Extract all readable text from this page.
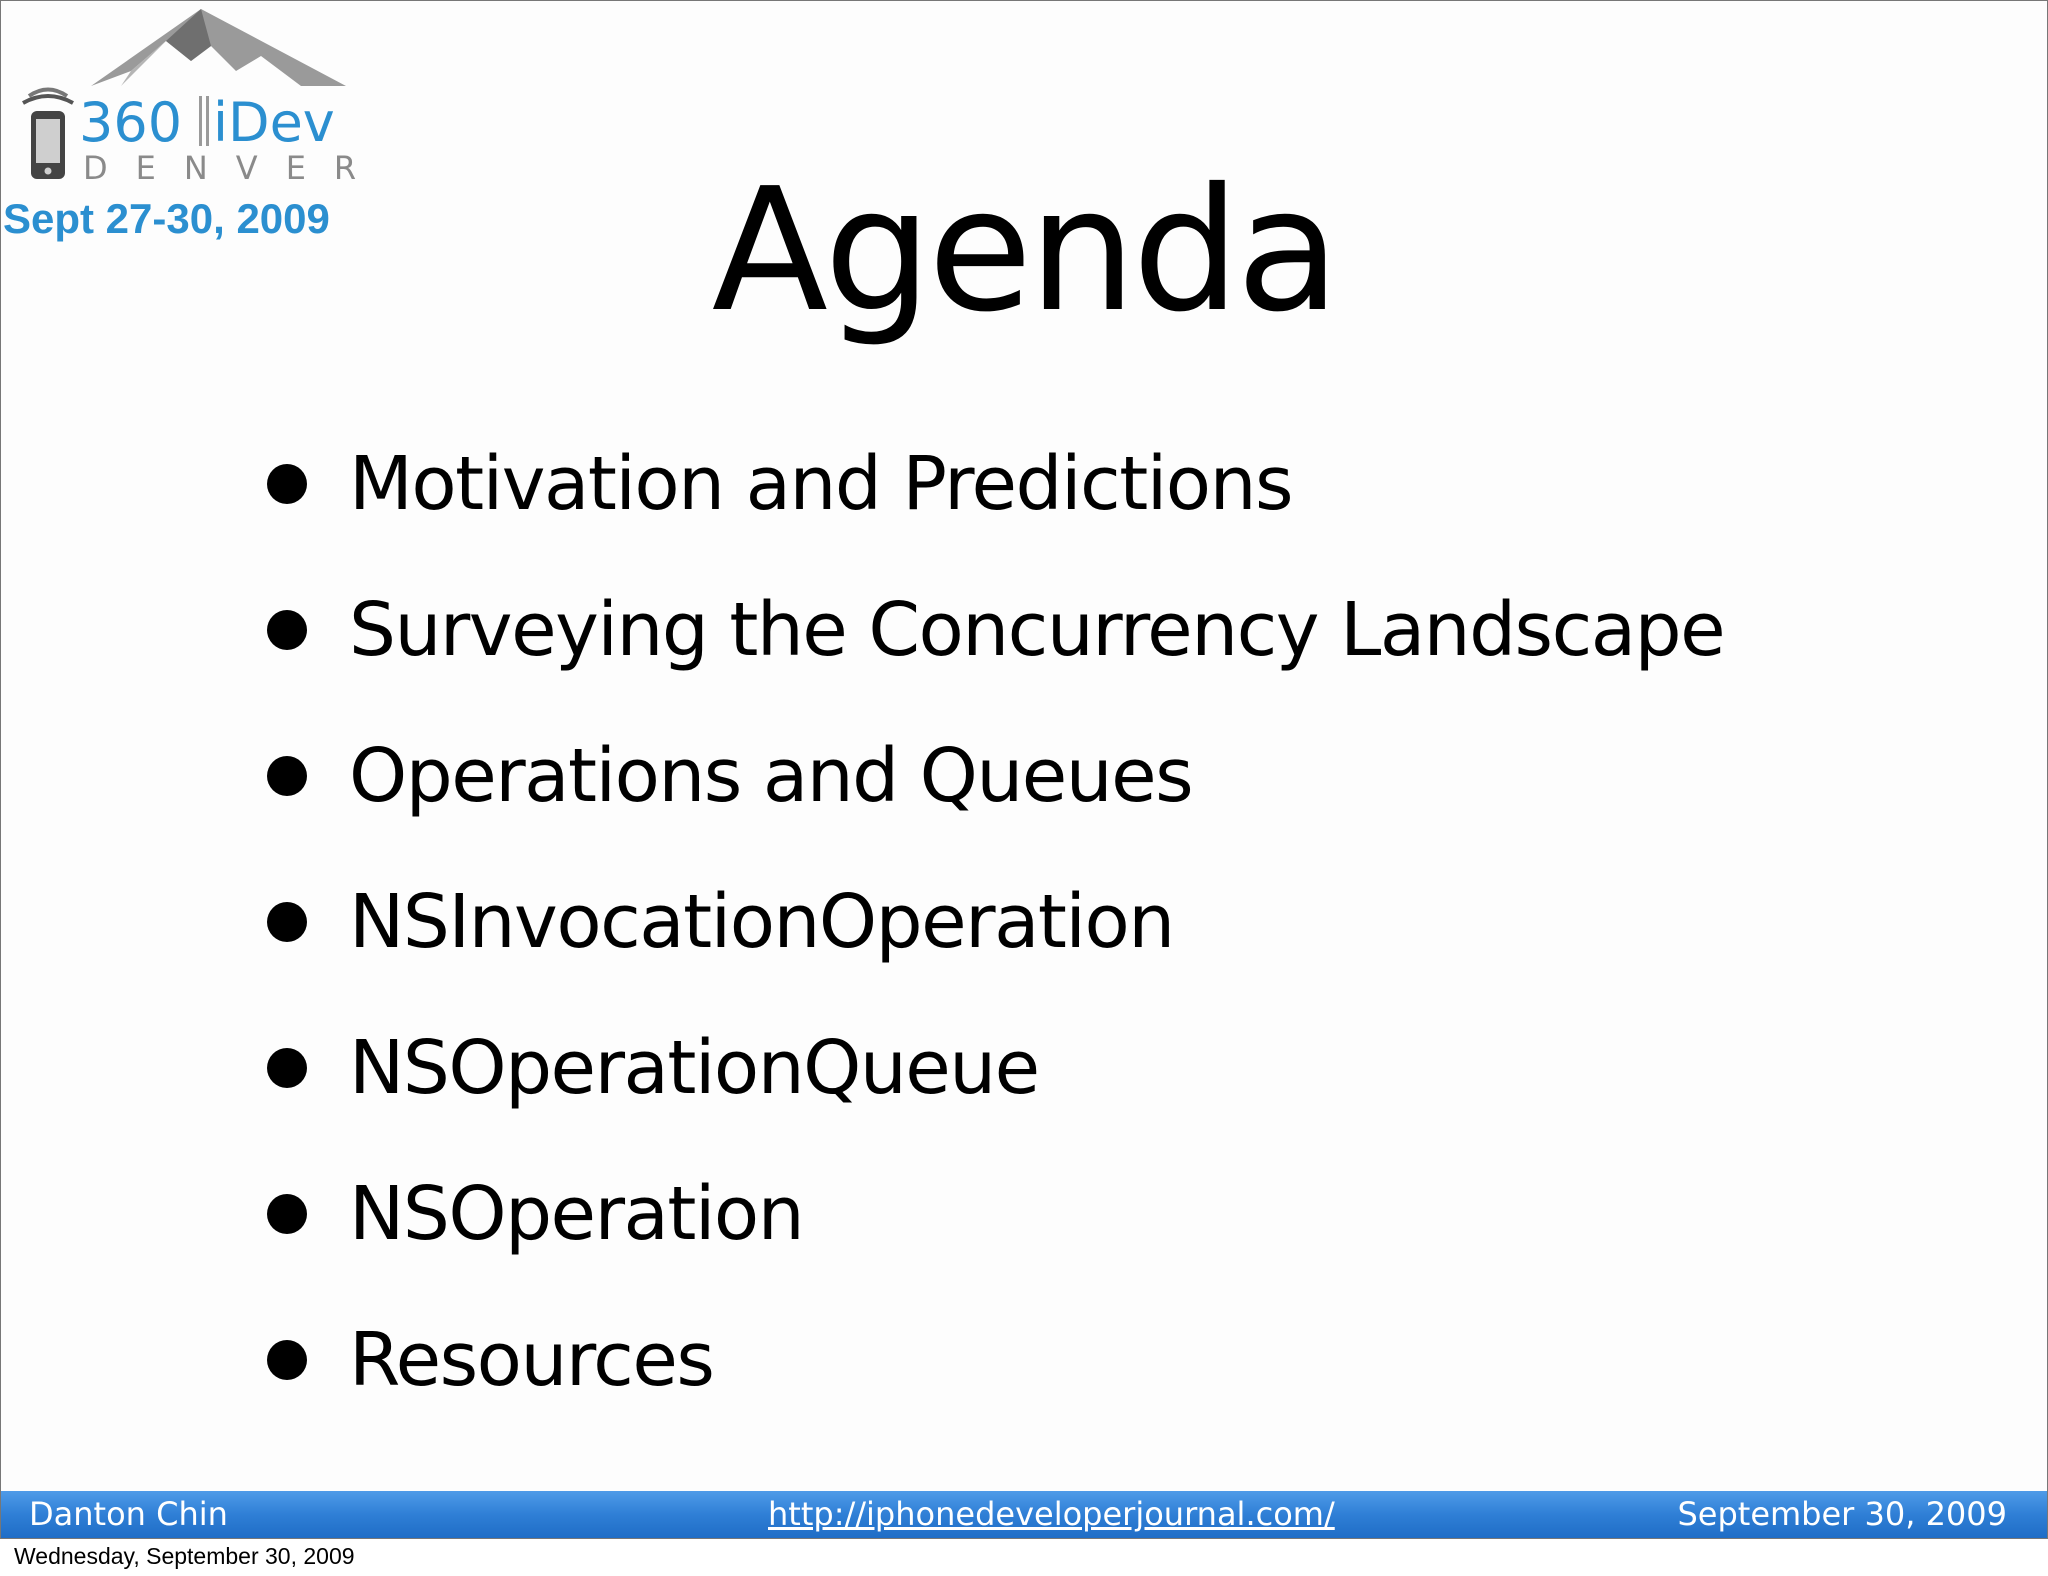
360 iDev
DENVER
Sept 27-30, 2009	Agenda
Motivation and Predictions
Surveying the Concurrency Landscape
Operations and Queues
NSInvocationOperation
NSOperationQueue
NSOperation
Resources
Danton Chin	http://iphonedeveloperjournal.com/	September 30, 2009
Wednesday, September 30, 2009
